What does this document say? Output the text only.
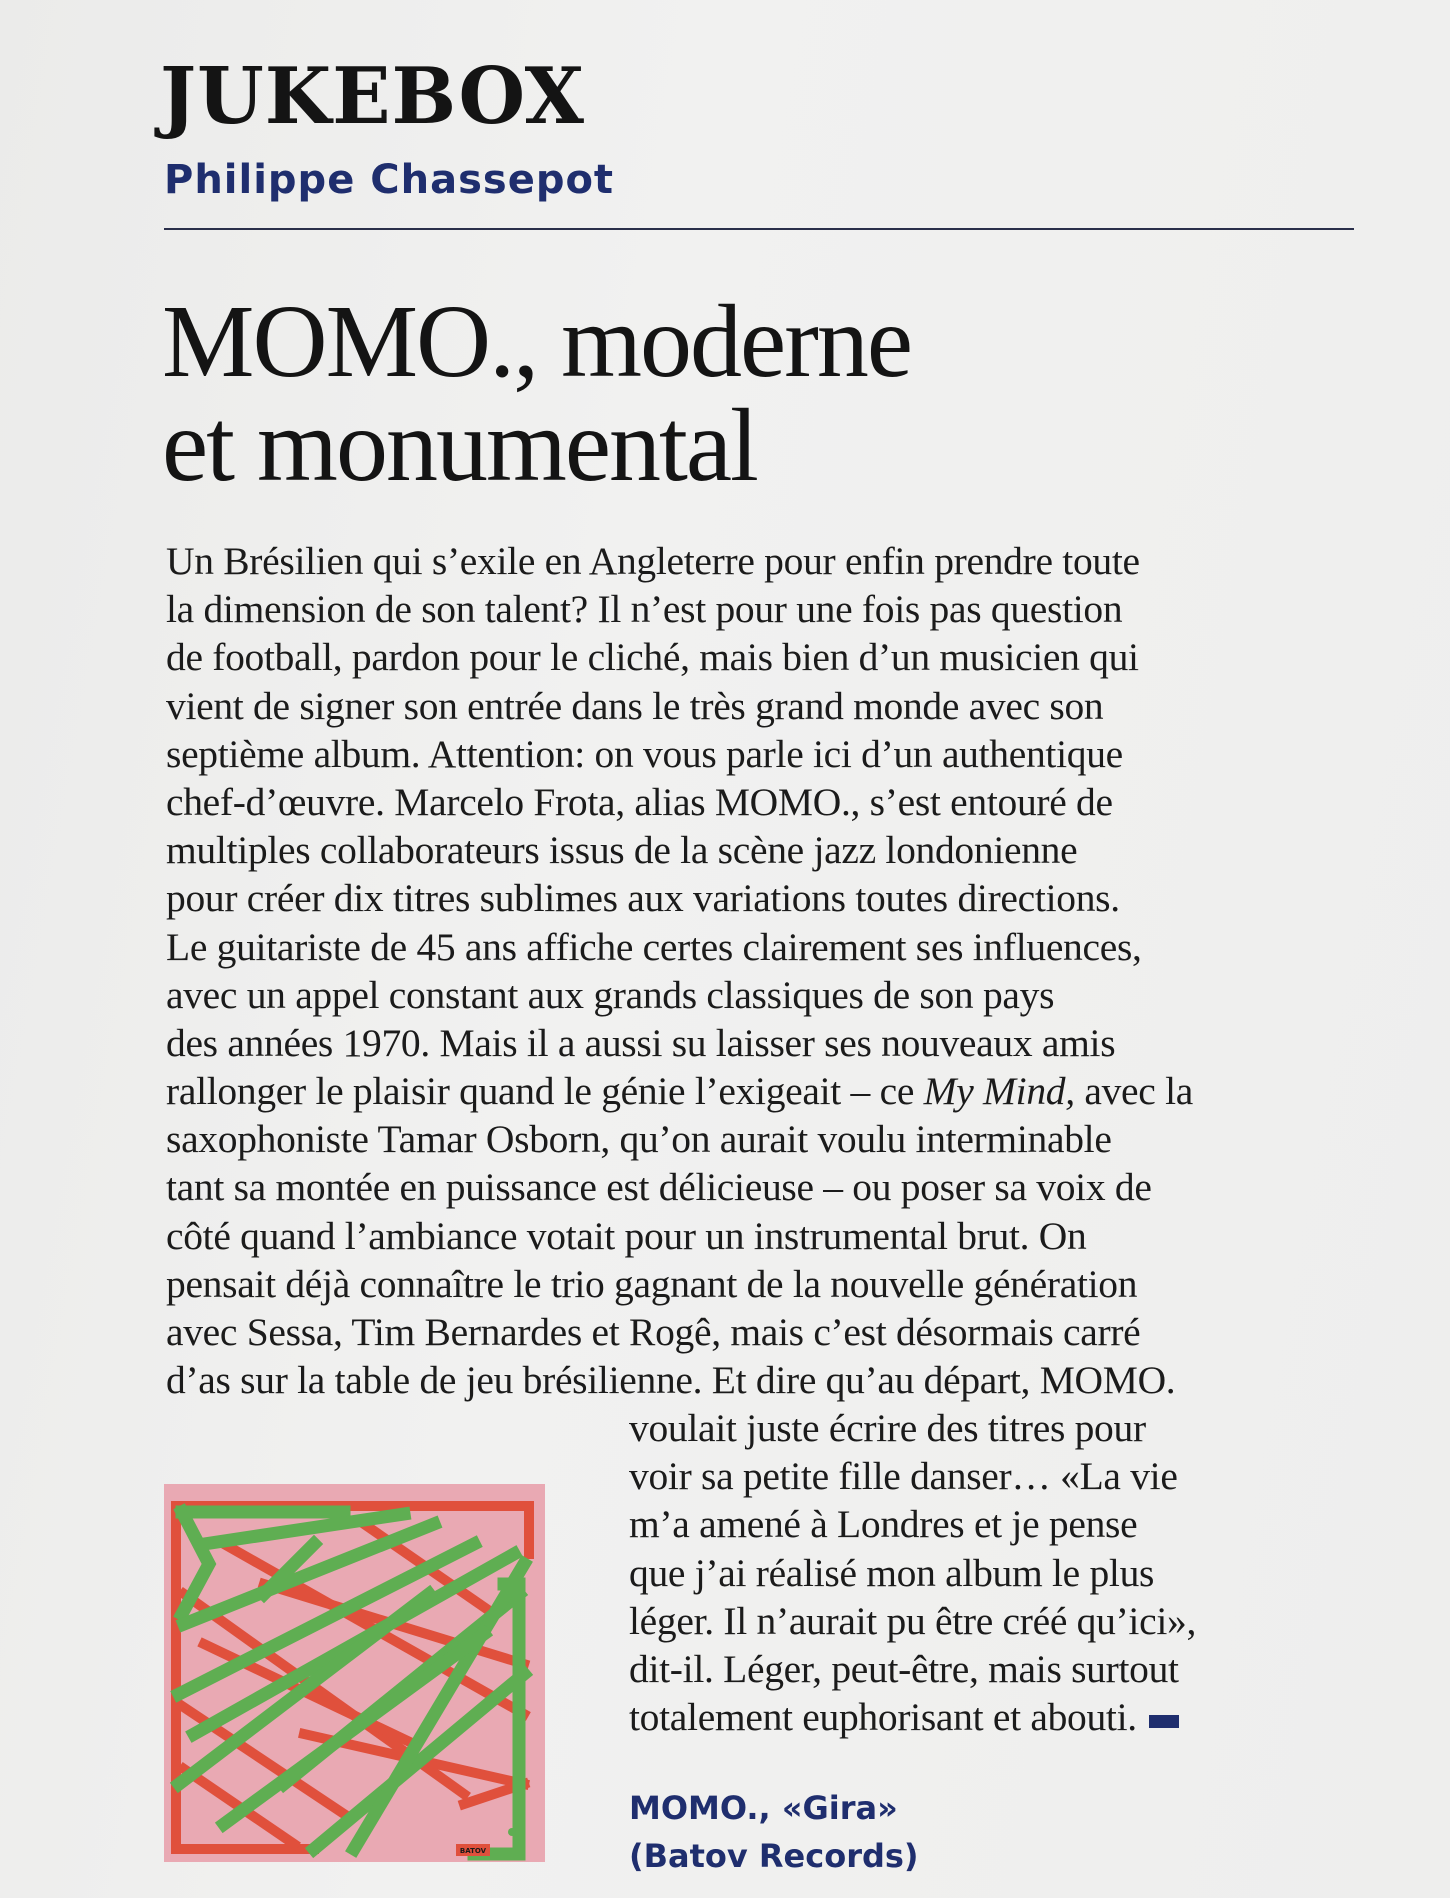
JUKEBOX
Philippe Chassepot
MOMO., moderne
et monumental
Un Brésilien qui s’exile en Angleterre pour enfin prendre toute
la dimension de son talent? Il n’est pour une fois pas question
de football, pardon pour le cliché, mais bien d’un musicien qui
vient de signer son entrée dans le très grand monde avec son
septième album. Attention: on vous parle ici d’un authentique
chef-d’œuvre. Marcelo Frota, alias MOMO., s’est entouré de
multiples collaborateurs issus de la scène jazz londonienne
pour créer dix titres sublimes aux variations toutes directions.
Le guitariste de 45 ans affiche certes clairement ses influences,
avec un appel constant aux grands classiques de son pays
des années 1970. Mais il a aussi su laisser ses nouveaux amis
rallonger le plaisir quand le génie l’exigeait – ce My Mind, avec la
saxophoniste Tamar Osborn, qu’on aurait voulu interminable
tant sa montée en puissance est délicieuse – ou poser sa voix de
côté quand l’ambiance votait pour un instrumental brut. On
pensait déjà connaître le trio gagnant de la nouvelle génération
avec Sessa, Tim Bernardes et Rogê, mais c’est désormais carré
d’as sur la table de jeu brésilienne. Et dire qu’au départ, MOMO.
voulait juste écrire des titres pour
voir sa petite fille danser… «La vie
m’a amené à Londres et je pense
que j’ai réalisé mon album le plus
léger. Il n’aurait pu être créé qu’ici»,
dit-il. Léger, peut-être, mais surtout
totalement euphorisant et abouti.
MOMO., «Gira»
(Batov Records)
BATOV
